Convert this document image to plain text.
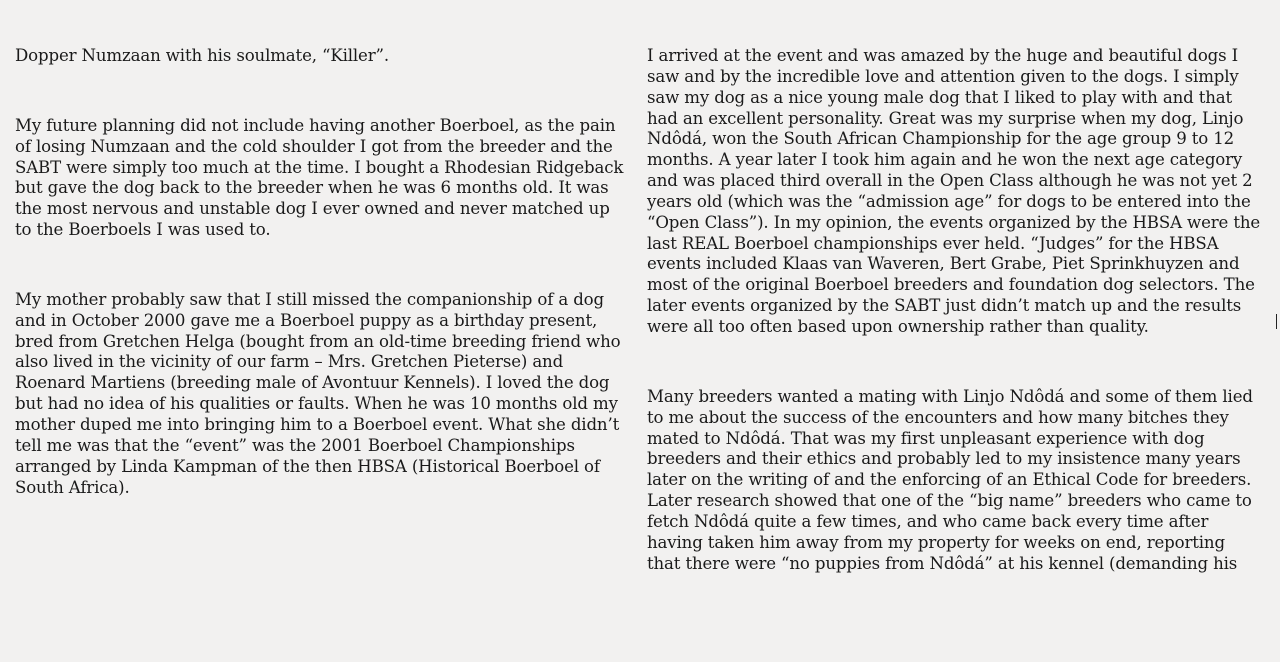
Dopper Numzaan with his soulmate, “Killer”.

My future planning did not include having another Boerboel, as the pain
of losing Numzaan and the cold shoulder I got from the breeder and the
SABT were simply too much at the time. I bought a Rhodesian Ridgeback
but gave the dog back to the breeder when he was 6 months old. It was
the most nervous and unstable dog I ever owned and never matched up
to the Boerboels I was used to.

My mother probably saw that I still missed the companionship of a dog
and in October 2000 gave me a Boerboel puppy as a birthday present,
bred from Gretchen Helga (bought from an old-time breeding friend who
also lived in the vicinity of our farm – Mrs. Gretchen Pieterse) and
Roenard Martiens (breeding male of Avontuur Kennels). I loved the dog
but had no idea of his qualities or faults. When he was 10 months old my
mother duped me into bringing him to a Boerboel event. What she didn’t
tell me was that the “event” was the 2001 Boerboel Championships
arranged by Linda Kampman of the then HBSA (Historical Boerboel of
South Africa).

I arrived at the event and was amazed by the huge and beautiful dogs I
saw and by the incredible love and attention given to the dogs. I simply
saw my dog as a nice young male dog that I liked to play with and that
had an excellent personality. Great was my surprise when my dog, Linjo
Ndôdá, won the South African Championship for the age group 9 to 12
months. A year later I took him again and he won the next age category
and was placed third overall in the Open Class although he was not yet 2
years old (which was the “admission age” for dogs to be entered into the
“Open Class”). In my opinion, the events organized by the HBSA were the
last REAL Boerboel championships ever held. “Judges” for the HBSA
events included Klaas van Waveren, Bert Grabe, Piet Sprinkhuyzen and
most of the original Boerboel breeders and foundation dog selectors. The
later events organized by the SABT just didn’t match up and the results
were all too often based upon ownership rather than quality.

Many breeders wanted a mating with Linjo Ndôdá and some of them lied
to me about the success of the encounters and how many bitches they
mated to Ndôdá. That was my first unpleasant experience with dog
breeders and their ethics and probably led to my insistence many years
later on the writing of and the enforcing of an Ethical Code for breeders.
Later research showed that one of the “big name” breeders who came to
fetch Ndôdá quite a few times, and who came back every time after
having taken him away from my property for weeks on end, reporting
that there were “no puppies from Ndôdá” at his kennel (demanding his
